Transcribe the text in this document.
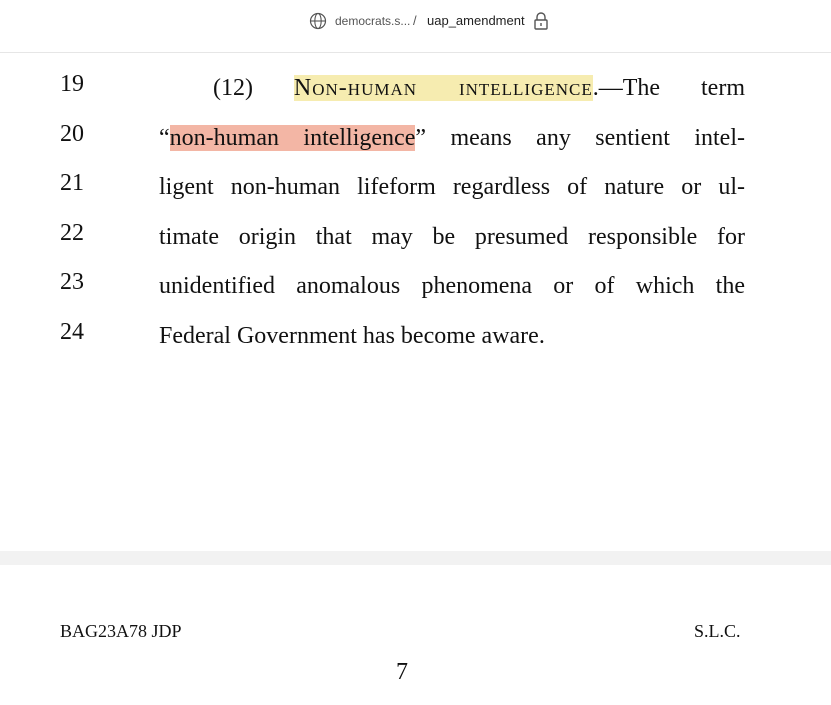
democrats.s... / uap_amendment
19	(12) Non-human intelligence.—The term
20	“non-human intelligence” means any sentient intel-
21	ligent non-human lifeform regardless of nature or ul-
22	timate origin that may be presumed responsible for
23	unidentified anomalous phenomena or of which the
24	Federal Government has become aware.
BAG23A78 JDP	S.L.C.
7
